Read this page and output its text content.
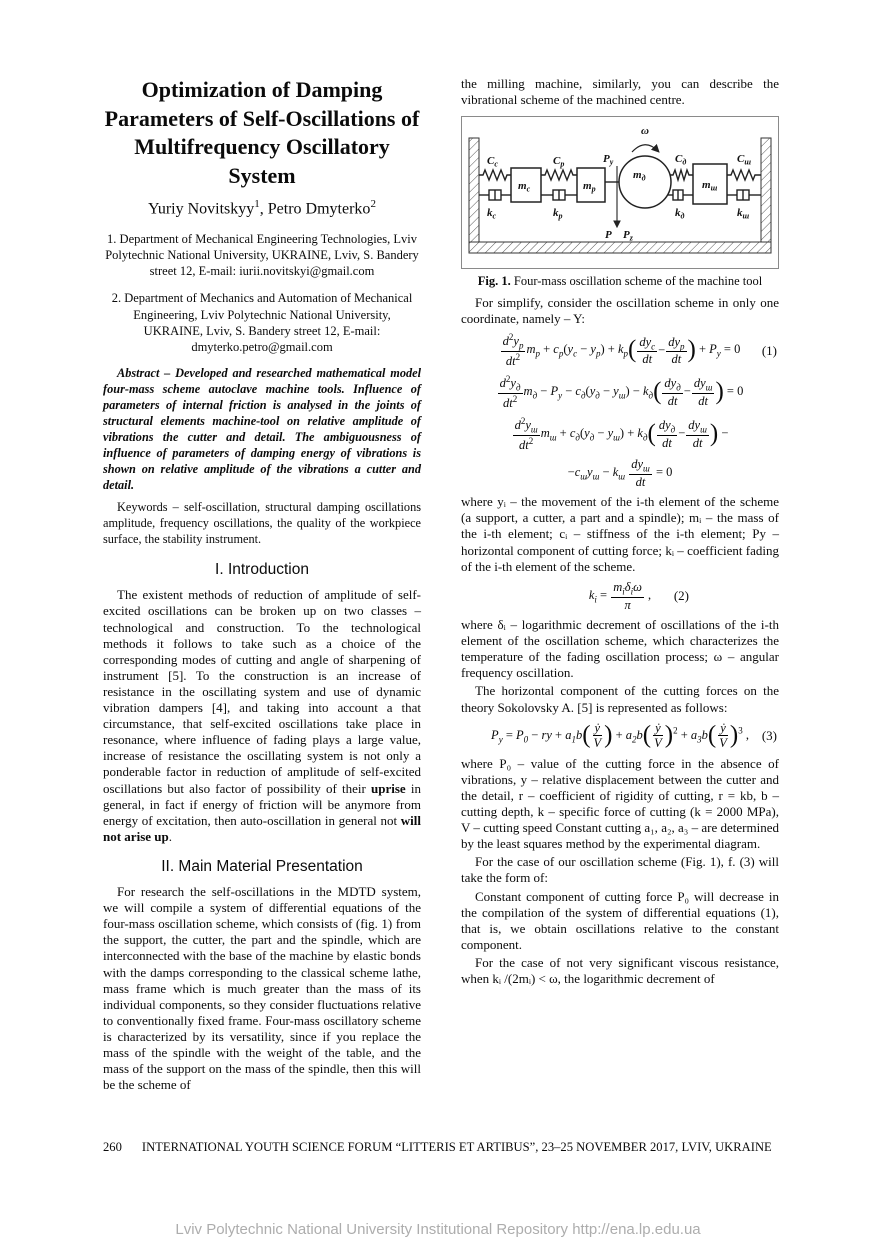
Optimization of Damping Parameters of Self-Oscillations of Multifrequency Oscillatory System
Yuriy Novitskyy$^1$, Petro Dmyterko$^2$

1. Department of Mechanical Engineering Technologies, Lviv Polytechnic National University, UKRAINE, Lviv, S. Bandery street 12, E-mail: iurii.novitskyi@gmail.com

2. Department of Mechanics and Automation of Mechanical Engineering, Lviv Polytechnic National University, UKRAINE, Lviv, S. Bandery street 12, E-mail: dmyterko.petro@gmail.com

Abstract – Developed and researched mathematical model four-mass scheme autoclave machine tools. Influence of parameters of internal friction is analysed in the joints of structural elements machine-tool on relative amplitude of vibrations the cutter and detail. The ambiguousness of influence of parameters of damping energy of vibrations is shown on relative amplitude of the vibrations a cutter and detail.

Keywords – self-oscillation, structural damping oscillations amplitude, frequency oscillations, the quality of the workpiece surface, the stability instrument.

I. Introduction

The existent methods of reduction of amplitude of self-excited oscillations can be broken up on two classes – technological and construction. To the technological methods it follows to take such as a choice of the corresponding modes of cutting and angle of sharpening of instrument [5]. To the construction is an increase of resistance in the oscillating system and use of dynamic vibration dampers [4], and taking into account a that circumstance, that self-excited oscillations take place in resonance, where influence of fading plays a large value, increase of resistance the oscillating system is not only a ponderable factor in reduction of amplitude of self-excited oscillations but also factor of possibility of their uprise in general, in fact if energy of friction will be anymore from energy of excitation, then auto-oscillation in general not will not arise up.

II. Main Material Presentation

For research the self-oscillations in the MDTD system, we will compile a system of differential equations of the four-mass oscillation scheme, which consists of (fig. 1) from the support, the cutter, the part and the spindle, which are interconnected with the base of the machine by elastic bonds with the damps corresponding to the classical scheme lathe, mass frame which is much greater than the mass of its individual components, so they consider fluctuations relative to conventionally fixed frame. Four-mass oscillatory scheme is characterized by its versatility, since if you replace the mass of the spindle with the weight of the table, and the mass of the support on the mass of the spindle, then this will be the scheme of

the milling machine, similarly, you can describe the vibrational scheme of the machined centre.

$C_c$	$C_p$	$C_д$	$C_ш$
$k_c$	$k_p$	$k_д$	$k_ш$
$m_c$	$m_p$
$m_д$
$m_ш$
ω
$P_y$
P $P_z$
Fig. 1. Four-mass oscillation scheme of the machine tool

For simplify, consider the oscillation scheme in only one coordinate, namely – Y:

$\frac{d^2y_p}{dt^2} m_p + c_p(y_c - y_p) + k_p( \frac{dy_c}{dt} - \frac{dy_p}{dt}$ ) + $P_y = 0$ (1)
$\frac{d^2y_д}{dt^2} m_д - P_y - c_д(y_д - y_ш) - k_д( \frac{dy_д}{dt} - \frac{dy_ш}{dt}$ ) = 0
$\frac{d^2y_ш}{dt^2} m_ш + c_д(y_д - y_ш) + k_д( \frac{dy_д}{dt} - \frac{dy_ш}{dt}$ ) −
$-c_шy_ш - k_ш \frac{dy_ш}{dt} = 0$

where yᵢ – the movement of the i-th element of the scheme (a support, a cutter, a part and a spindle); mᵢ – the mass of the i-th element; cᵢ – stiffness of the i-th element; Py – horizontal component of cutting force; kᵢ – coefficient fading of the i-th element of the scheme.

$k_i = \frac{m_i\delta_i\omega}{\pi}$ , (2)

where δᵢ – logarithmic decrement of oscillations of the i-th element of the oscillation scheme, which characterizes the temperature of the fading oscillation process; ω – angular frequency oscillation.

The horizontal component of the cutting forces on the theory Sokolovsky A. [5] is represented as follows:

$P_y = P_0$ − ry + $a_1b( \frac{\text{ẏ}}{V}$ ) + $a_2b( \frac{\text{ẏ}}{V} )^2 + a_3b( \frac{\text{ẏ}}{V} )^3$ , (3)

where P₀ – value of the cutting force in the absence of vibrations, y – relative displacement between the cutter and the detail, r – coefficient of rigidity of cutting, r = kb, b – cutting depth, k – specific force of cutting (k = 2000 MPa), V – cutting speed Constant cutting a₁, a₂, a₃ – are determined by the least squares method by the experimental diagram.

For the case of our oscillation scheme (Fig. 1), f. (3) will take the form of:

Constant component of cutting force P₀ will decrease in the compilation of the system of differential equations (1), that is, we obtain oscillations relative to the constant component.

For the case of not very significant viscous resistance, when kᵢ /(2mᵢ) < ω, the logarithmic decrement of

260 INTERNATIONAL YOUTH SCIENCE FORUM “LITTERIS ET ARTIBUS”, 23–25 NOVEMBER 2017, LVIV, UKRAINE
Lviv Polytechnic National University Institutional Repository http://ena.lp.edu.ua
